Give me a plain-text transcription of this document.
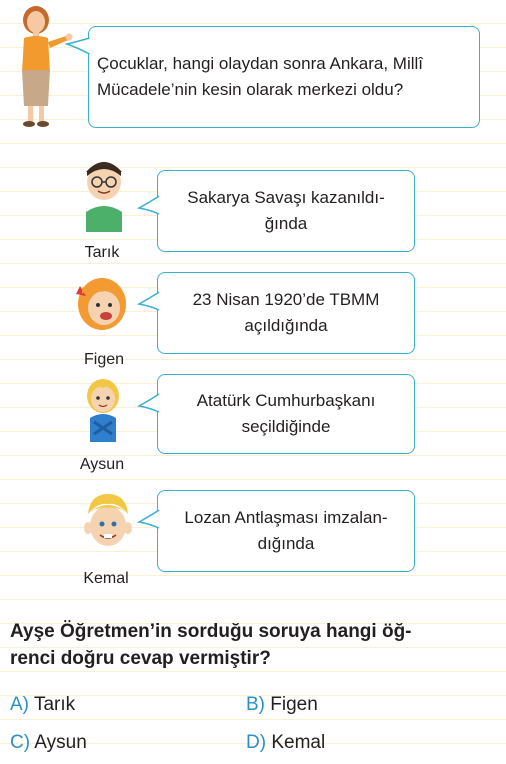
Çocuklar, hangi olaydan sonra Ankara, Millî
Mücadele’nin kesin olarak merkezi oldu?
Tarık
Sakarya Savaşı kazanıldı-
ğında
Figen
23 Nisan 1920’de TBMM
açıldığında
Aysun
Atatürk Cumhurbaşkanı
seçildiğinde
Kemal
Lozan Antlaşması imzalan-
dığında
Ayşe Öğretmen’in sorduğu soruya hangi öğ-
renci doğru cevap vermiştir?
A) Tarık	B) Figen
C) Aysun	D) Kemal
